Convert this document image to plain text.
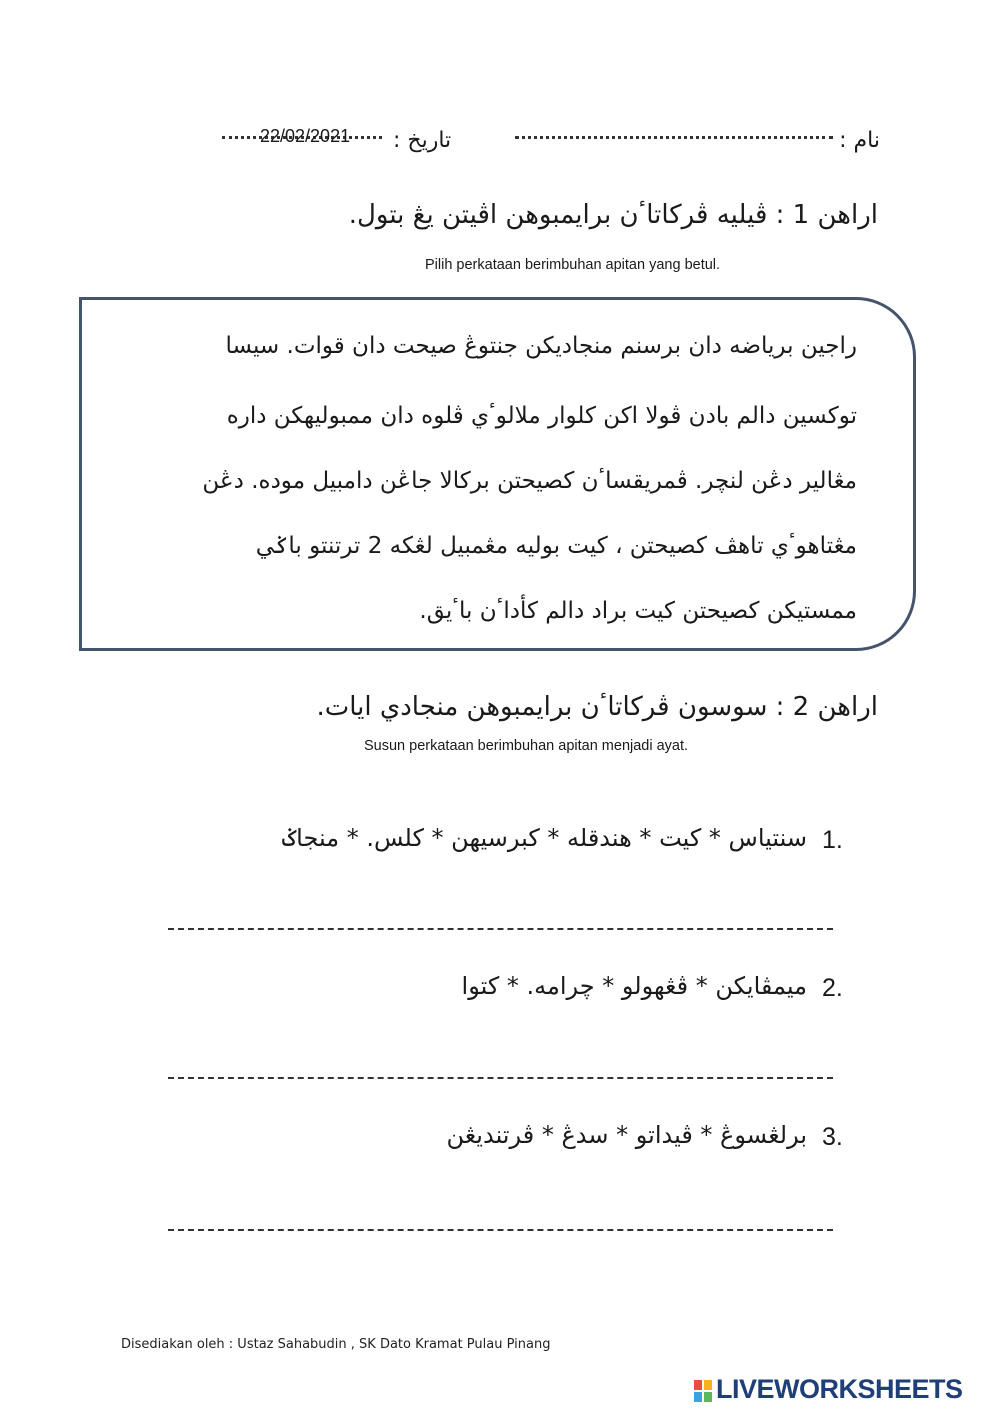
نام :
تاريخ :
22/02/2021
اراهن 1 : ڤيليه ڤركاتاٴن برايمبوهن اڤيتن يڠ بتول.
Pilih perkataan berimbuhan apitan yang betul.
راجين برياضه دان برسنم منجاديکن جنتوڠ صيحت دان قوات. سيسا
توکسين دالم بادن ڤولا اکن کلوار ملالوٴي ڤلوه دان ممبوليهکن داره
مڠالير دڠن لنچر. ڤمريقساٴن کصيحتن برکالا جاڠن دامبيل موده. دڠن
مڠتاهوٴي تاهڤ کصيحتن ، کيت بوليه مڠمبيل لڠکه 2 ترتنتو باݢي
ممستيکن کصيحتن کيت براد دالم کأداٴن باٴيق.
اراهن 2 : سوسون ڤركاتاٴن برايمبوهن منجادي ايات.
Susun perkataan berimbuhan apitan menjadi ayat.
1.
سنتياس * کيت * هندقله * کبرسيهن * کلس. * منجاݢ
2.
ميمڤايکن * ڤڠهولو * چرامه. * کتوا
3.
برلڠسوڠ * ڤيداتو * سدڠ * ڤرتنديڠن
Disediakan oleh : Ustaz Sahabudin , SK Dato Kramat Pulau Pinang
LIVEWORKSHEETS
